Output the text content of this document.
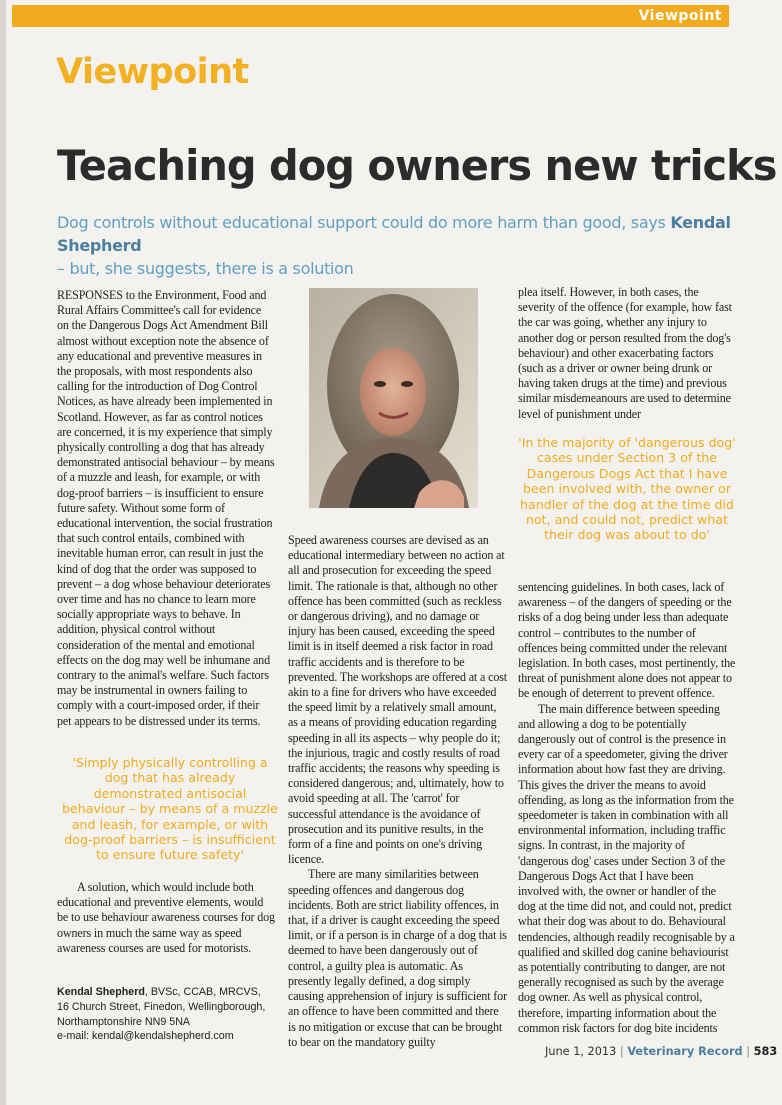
Viewpoint
Viewpoint
Teaching dog owners new tricks
Dog controls without educational support could do more harm than good, says Kendal Shepherd
– but, she suggests, there is a solution

RESPONSES to the Environment, Food and Rural Affairs Committee's call for evidence on the Dangerous Dogs Act Amendment Bill almost without exception note the absence of any educational and preventive measures in the proposals, with most respondents also calling for the introduction of Dog Control Notices, as have already been implemented in Scotland. However, as far as control notices are concerned, it is my experience that simply physically controlling a dog that has already demonstrated antisocial behaviour – by means of a muzzle and leash, for example, or with dog-proof barriers – is insufficient to ensure future safety. Without some form of educational intervention, the social frustration that such control entails, combined with inevitable human error, can result in just the kind of dog that the order was supposed to prevent – a dog whose behaviour deteriorates over time and has no chance to learn more socially appropriate ways to behave. In addition, physical control without consideration of the mental and emotional effects on the dog may well be inhumane and contrary to the animal's welfare. Such factors may be instrumental in owners failing to comply with a court-imposed order, if their pet appears to be distressed under its terms.

'Simply physically controlling a dog that has already demonstrated antisocial behaviour – by means of a muzzle and leash, for example, or with dog-proof barriers – is insufficient to ensure future safety'

A solution, which would include both educational and preventive elements, would be to use behaviour awareness courses for dog owners in much the same way as speed awareness courses are used for motorists.

Kendal Shepherd, BVSc, CCAB, MRCVS,
16 Church Street, Finedon, Wellingborough,
Northamptonshire NN9 5NA
e-mail: kendal@kendalshepherd.com

Speed awareness courses are devised as an educational intermediary between no action at all and prosecution for exceeding the speed limit. The rationale is that, although no other offence has been committed (such as reckless or dangerous driving), and no damage or injury has been caused, exceeding the speed limit is in itself deemed a risk factor in road traffic accidents and is therefore to be prevented. The workshops are offered at a cost akin to a fine for drivers who have exceeded the speed limit by a relatively small amount, as a means of providing education regarding speeding in all its aspects – why people do it; the injurious, tragic and costly results of road traffic accidents; the reasons why speeding is considered dangerous; and, ultimately, how to avoid speeding at all. The 'carrot' for successful attendance is the avoidance of prosecution and its punitive results, in the form of a fine and points on one's driving licence.

There are many similarities between speeding offences and dangerous dog incidents. Both are strict liability offences, in that, if a driver is caught exceeding the speed limit, or if a person is in charge of a dog that is deemed to have been dangerously out of control, a guilty plea is automatic. As presently legally defined, a dog simply causing apprehension of injury is sufficient for an offence to have been committed and there is no mitigation or excuse that can be brought to bear on the mandatory guilty

plea itself. However, in both cases, the severity of the offence (for example, how fast the car was going, whether any injury to another dog or person resulted from the dog's behaviour) and other exacerbating factors (such as a driver or owner being drunk or having taken drugs at the time) and previous similar misdemeanours are used to determine level of punishment under

'In the majority of 'dangerous dog' cases under Section 3 of the Dangerous Dogs Act that I have been involved with, the owner or handler of the dog at the time did not, and could not, predict what their dog was about to do'

sentencing guidelines. In both cases, lack of awareness – of the dangers of speeding or the risks of a dog being under less than adequate control – contributes to the number of offences being committed under the relevant legislation. In both cases, most pertinently, the threat of punishment alone does not appear to be enough of deterrent to prevent offence.

The main difference between speeding and allowing a dog to be potentially dangerously out of control is the presence in every car of a speedometer, giving the driver information about how fast they are driving. This gives the driver the means to avoid offending, as long as the information from the speedometer is taken in combination with all environmental information, including traffic signs. In contrast, in the majority of 'dangerous dog' cases under Section 3 of the Dangerous Dogs Act that I have been involved with, the owner or handler of the dog at the time did not, and could not, predict what their dog was about to do. Behavioural tendencies, although readily recognisable by a qualified and skilled dog canine behaviourist as potentially contributing to danger, are not generally recognised as such by the average dog owner. As well as physical control, therefore, imparting information about the common risk factors for dog bite incidents

June 1, 2013 | Veterinary Record | 583
